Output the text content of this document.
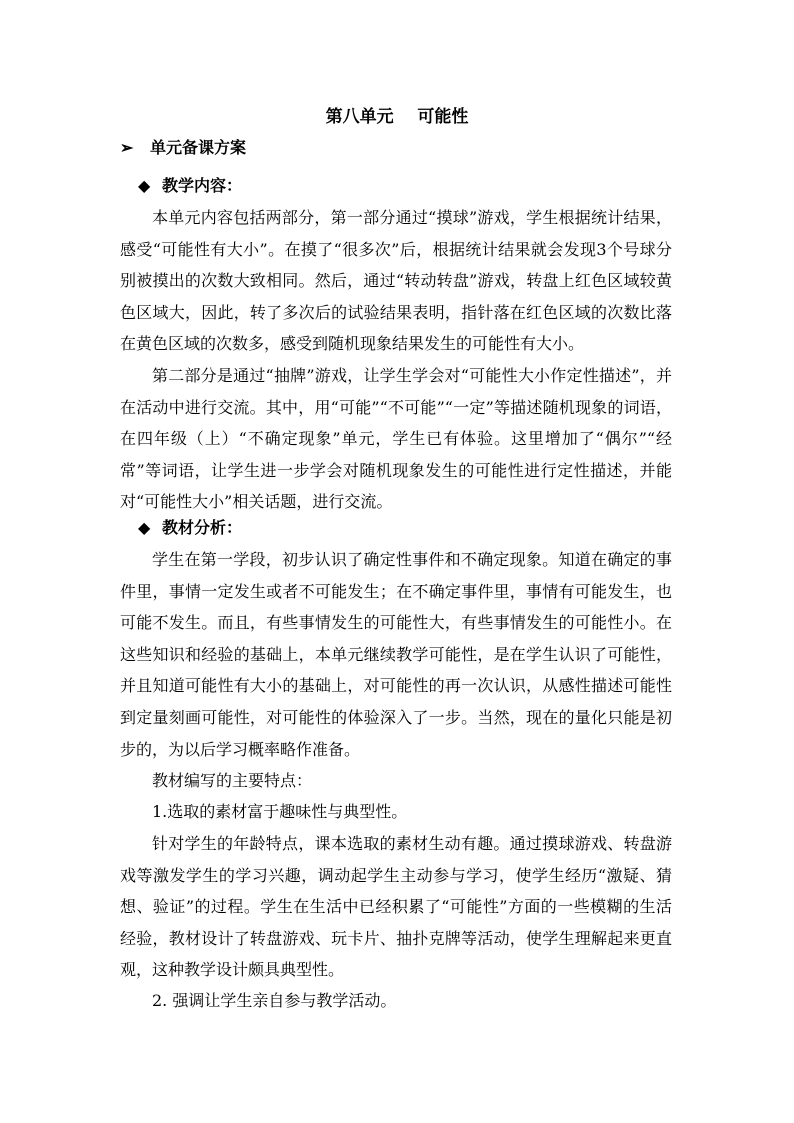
第八单元    可能性
➢ 单元备课方案
◆ 教学内容：

本单元内容包括两部分，第一部分通过“摸球”游戏，学生根据统计结果，感受“可能性有大小”。在摸了“很多次”后，根据统计结果就会发现3个号球分别被摸出的次数大致相同。然后，通过“转动转盘”游戏，转盘上红色区域较黄色区域大，因此，转了多次后的试验结果表明，指针落在红色区域的次数比落在黄色区域的次数多，感受到随机现象结果发生的可能性有大小。

第二部分是通过“抽牌”游戏，让学生学会对“可能性大小作定性描述”，并在活动中进行交流。其中，用“可能”“不可能”“一定”等描述随机现象的词语，在四年级（上）“不确定现象”单元，学生已有体验。这里增加了“偶尔”“经常”等词语，让学生进一步学会对随机现象发生的可能性进行定性描述，并能对“可能性大小”相关话题，进行交流。

◆ 教材分析：

学生在第一学段，初步认识了确定性事件和不确定现象。知道在确定的事件里，事情一定发生或者不可能发生；在不确定事件里，事情有可能发生，也可能不发生。而且，有些事情发生的可能性大，有些事情发生的可能性小。在这些知识和经验的基础上，本单元继续教学可能性，是在学生认识了可能性，并且知道可能性有大小的基础上，对可能性的再一次认识，从感性描述可能性到定量刻画可能性，对可能性的体验深入了一步。当然，现在的量化只能是初步的，为以后学习概率略作准备。

教材编写的主要特点：

1.选取的素材富于趣味性与典型性。

针对学生的年龄特点，课本选取的素材生动有趣。通过摸球游戏、转盘游戏等激发学生的学习兴趣，调动起学生主动参与学习，使学生经历“激疑、猜想、验证”的过程。学生在生活中已经积累了“可能性”方面的一些模糊的生活经验，教材设计了转盘游戏、玩卡片、抽扑克牌等活动，使学生理解起来更直观，这种教学设计颇具典型性。

2. 强调让学生亲自参与教学活动。
